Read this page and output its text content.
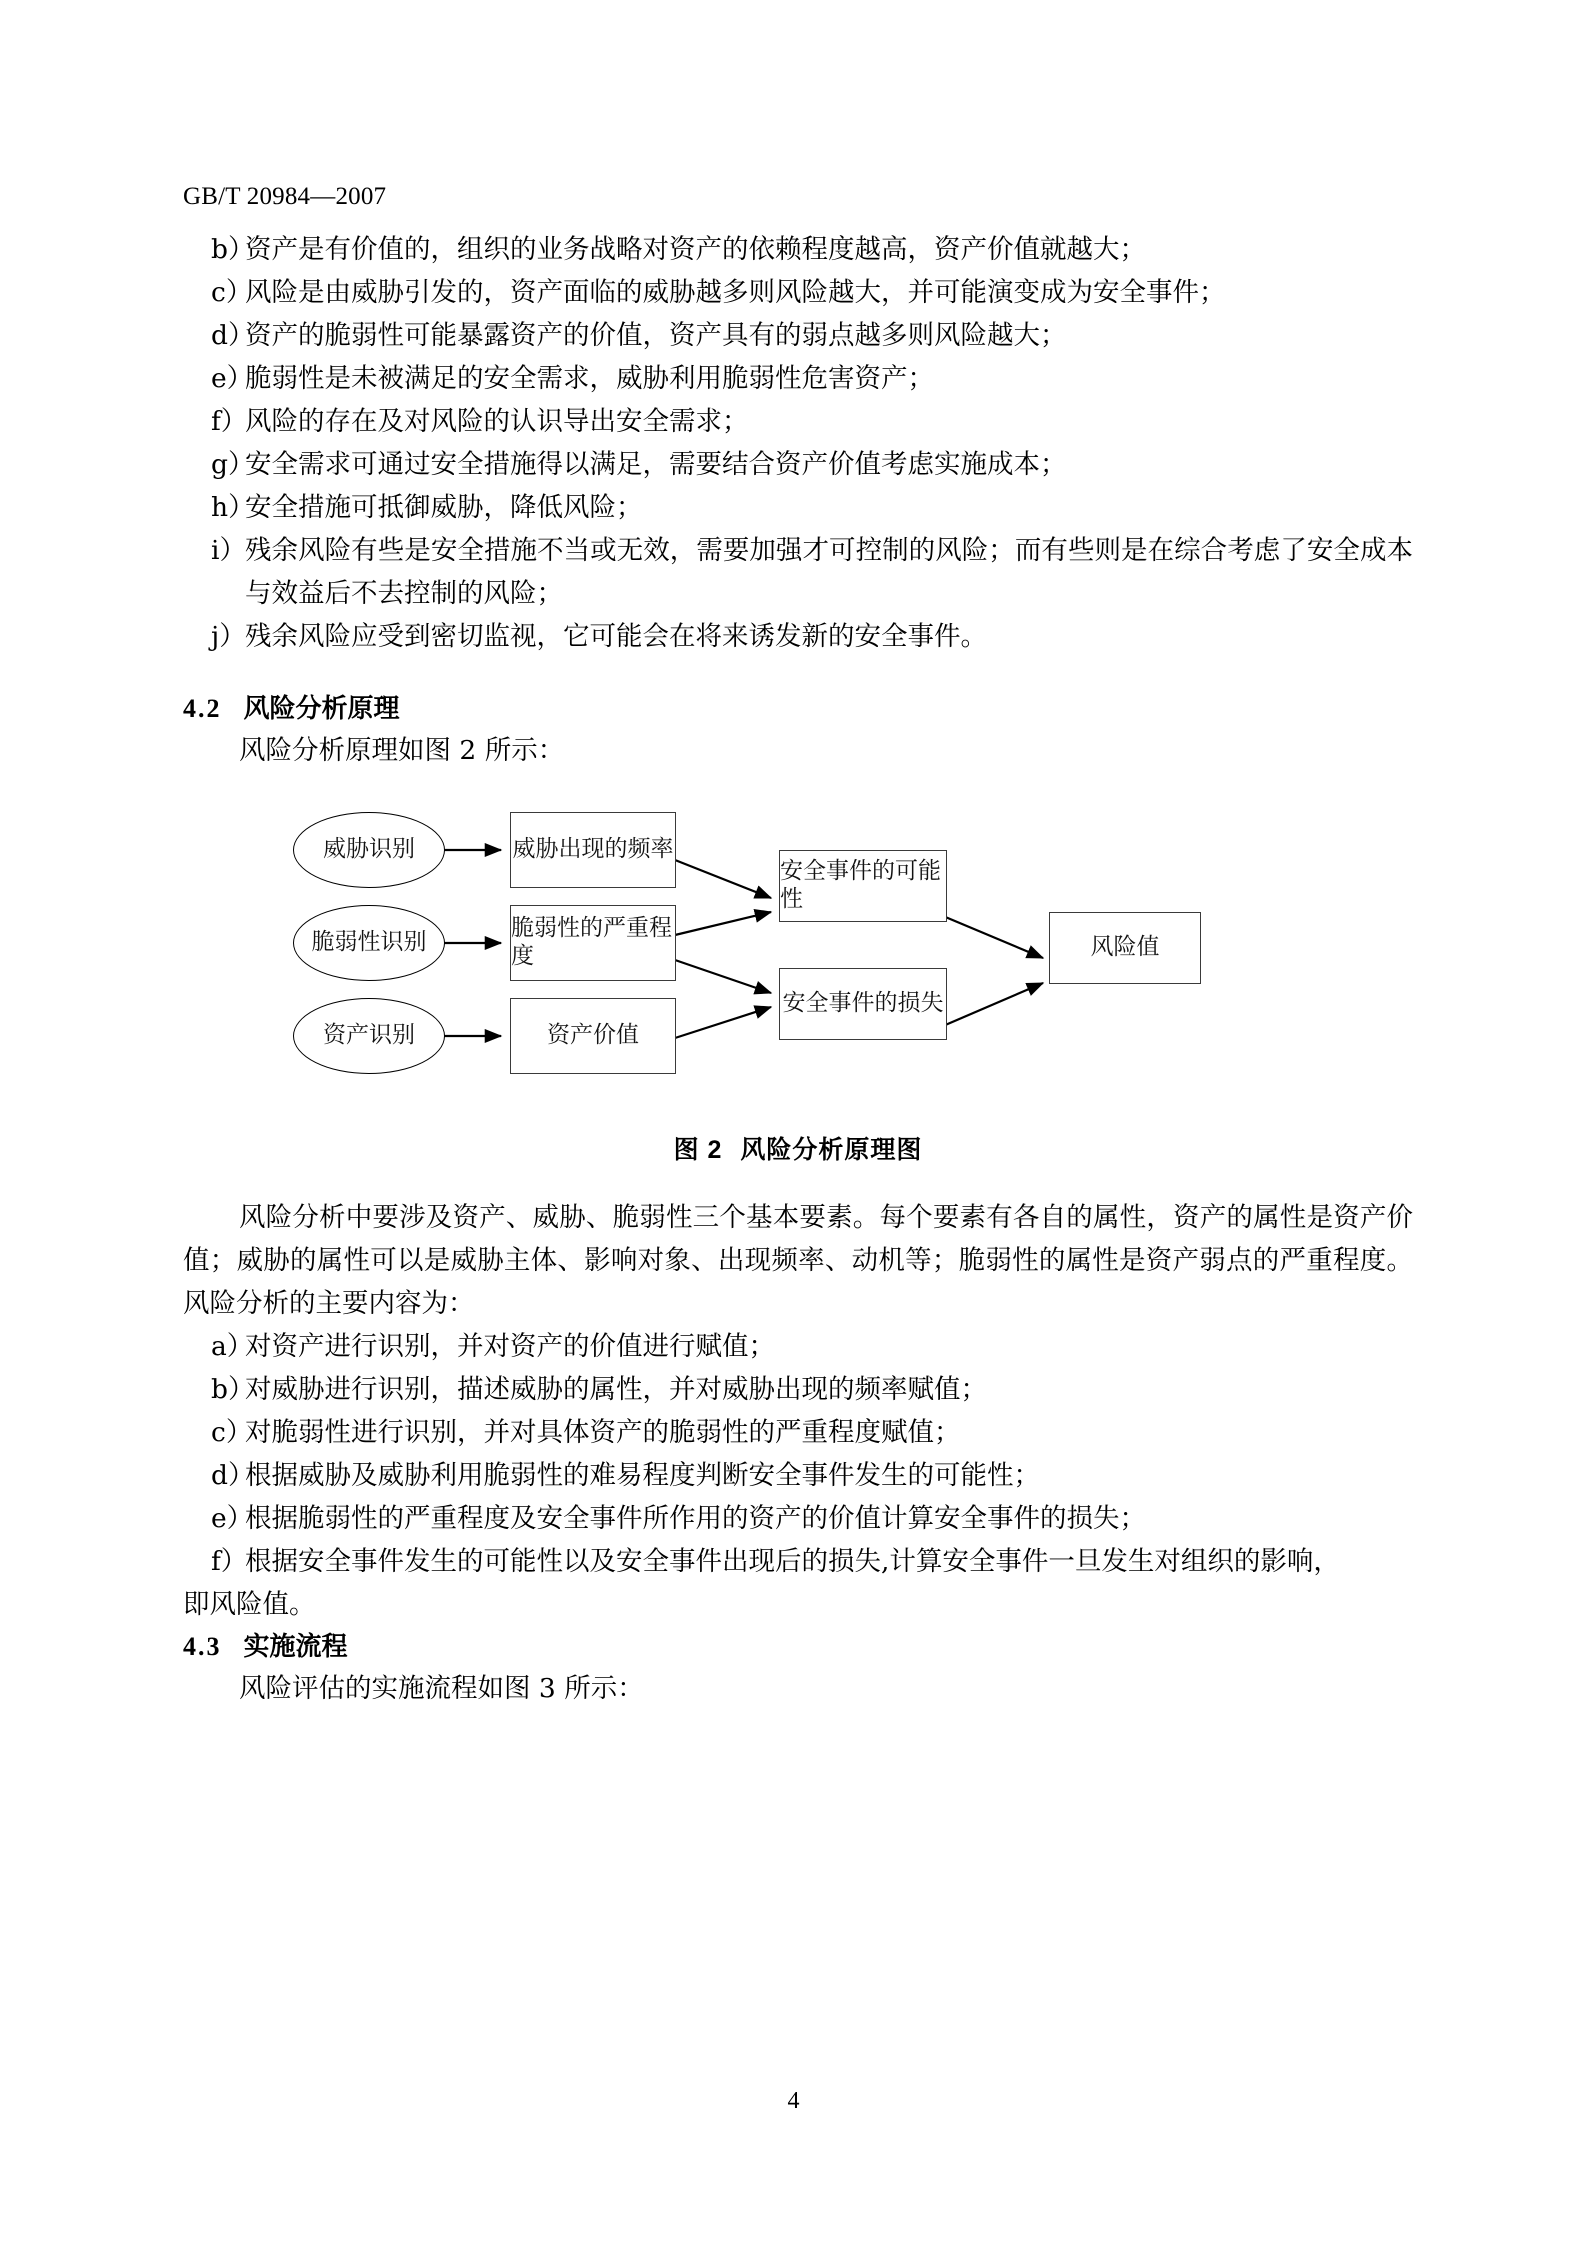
GB/T 20984—2007
b）
资产是有价值的，组织的业务战略对资产的依赖程度越高，资产价值就越大；
c）
风险是由威胁引发的，资产面临的威胁越多则风险越大，并可能演变成为安全事件；
d）
资产的脆弱性可能暴露资产的价值，资产具有的弱点越多则风险越大；
e）
脆弱性是未被满足的安全需求，威胁利用脆弱性危害资产；
f）
风险的存在及对风险的认识导出安全需求；
g）
安全需求可通过安全措施得以满足，需要结合资产价值考虑实施成本；
h）
安全措施可抵御威胁，降低风险；
i） 残余风险有些是安全措施不当或无效，需要加强才可控制的风险；而有些则是在综合考虑了安全成本与效益后不去控制的风险；
j） 残余风险应受到密切监视，它可能会在将来诱发新的安全事件。
4.2 风险分析原理
风险分析原理如图 2 所示：
威胁识别
脆弱性识别
资产识别
威胁出现的频率
脆弱性的严重程度
资产价值
安全事件的可能性
安全事件的损失
风险值
图 2 风险分析原理图
风险分析中要涉及资产、威胁、脆弱性三个基本要素。每个要素有各自的属性，资产的属性是资产价值；威胁的属性可以是威胁主体、影响对象、出现频率、动机等；脆弱性的属性是资产弱点的严重程度。风险分析的主要内容为：
a）
对资产进行识别，并对资产的价值进行赋值；
b）
对威胁进行识别，描述威胁的属性，并对威胁出现的频率赋值；
c）
对脆弱性进行识别，并对具体资产的脆弱性的严重程度赋值；
d）
根据威胁及威胁利用脆弱性的难易程度判断安全事件发生的可能性；
e）
根据脆弱性的严重程度及安全事件所作用的资产的价值计算安全事件的损失；
f）
根据安全事件发生的可能性以及安全事件出现后的损失,计算安全事件一旦发生对组织的影响，
即风险值。
4.3 实施流程
风险评估的实施流程如图 3 所示：
4
